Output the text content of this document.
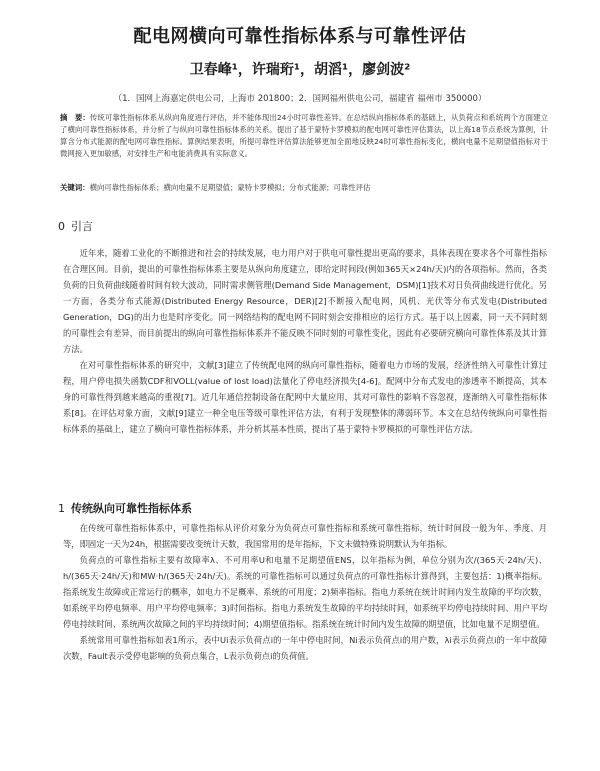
配电网横向可靠性指标体系与可靠性评估
卫春峰¹，许瑞珩¹，胡滔¹，廖剑波²
（1．国网上海嘉定供电公司，上海市 201800；2．国网福州供电公司，福建省 福州市 350000）
摘　要：传统可靠性指标体系从纵向角度进行评估，并不能体现出24小时可靠性差异。在总结纵向指标体系的基础上，从负荷点和系统两个方面建立了横向可靠性指标体系，并分析了与纵向可靠性指标体系的关系。提出了基于蒙特卡罗模拟的配电网可靠性评估算法，以上海18节点系统为算例，计算含分布式能源的配电网可靠性指标。算例结果表明，所提可靠性评估算法能够更加全面地反映24时可靠性指标变化，横向电量不足期望值指标对于微网接入更加敏感，对安排生产和电能消费具有实际意义。
关键词：横向可靠性指标体系；横向电量不足期望值；蒙特卡罗模拟；分布式能源；可靠性评估
0 引言

近年来，随着工业化的不断推进和社会的持续发展，电力用户对于供电可靠性提出更高的要求，具体表现在要求各个可靠性指标在合理区间。目前，提出的可靠性指标体系主要是从纵向角度建立，即给定时间段(例如365天×24h/天)内的各项指标。然而，各类负荷的日负荷曲线随着时间有较大波动，同时需求侧管理(Demand Side Management，DSM)[1]技术对日负荷曲线进行优化。另一方面，各类分布式能源(Distributed Energy Resource，DER)[2]不断接入配电网，风机、光伏等分布式发电(Distributed Generation，DG)的出力也是时序变化。同一网络结构的配电网不同时刻会安排相应的运行方式。基于以上因素，同一天不同时刻的可靠性会有差异，而目前提出的纵向可靠性指标体系并不能反映不同时刻的可靠性变化，因此有必要研究横向可靠性体系及其计算方法。

在对可靠性指标体系的研究中，文献[3]建立了传统配电网的纵向可靠性指标，随着电力市场的发展，经济性纳入可靠性计算过程，用户停电损失函数CDF和VOLL(value of lost load)法量化了停电经济损失[4-6]。配网中分布式发电的渗透率不断提高，其本身的可靠性得到越来越高的重视[7]。近几年通信控制设备在配网中大量应用，其对可靠性的影响不容忽视，逐渐纳入可靠性指标体系[8]。在评估对象方面，文献[9]建立一种全电压等级可靠性评估方法，有利于发现整体的薄弱环节。本文在总结传统纵向可靠性指标体系的基础上，建立了横向可靠性指标体系，并分析其基本性质，提出了基于蒙特卡罗模拟的可靠性评估方法。

1 传统纵向可靠性指标体系

在传统可靠性指标体系中，可靠性指标从评价对象分为负荷点可靠性指标和系统可靠性指标，统计时间段一般为年、季度、月等，即固定一天为24h，根据需要改变统计天数，我国常用的是年指标，下文未做特殊说明默认为年指标。

负荷点的可靠性指标主要有故障率λ、不可用率U和电量不足期望值ENS，以年指标为例，单位分别为次/(365天·24h/天)、h/(365天·24h/天)和MW·h/(365天·24h/天)。系统的可靠性指标可以通过负荷点的可靠性指标计算得到，主要包括：1)概率指标。指系统发生故障或正常运行的概率，如电力不足概率、系统的可用度；2)频率指标。指电力系统在统计时间内发生故障的平均次数，如系统平均停电频率、用户平均停电频率；3)时间指标。指电力系统发生故障的平均持续时间，如系统平均停电持续时间、用户平均停电持续时间、系统两次故障之间的平均持续时间；4)期望值指标。指系统在统计时间内发生故障的期望值，比如电量不足期望值。

系统常用可靠性指标如表1所示，表中Ui表示负荷点i的一年中停电时间，Ni表示负荷点i的用户数，λi表示负荷点i的一年中故障次数，Fault表示受停电影响的负荷点集合，L表示负荷点i的负荷值。
